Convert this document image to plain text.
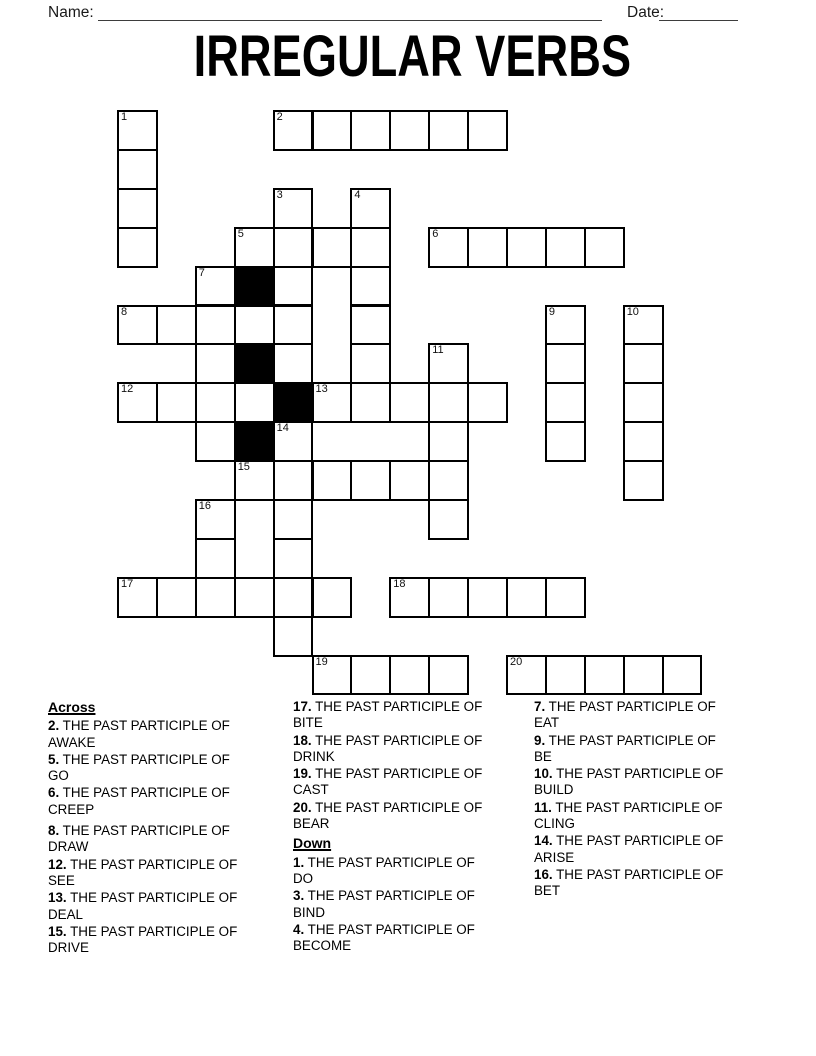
Name:	Date:
IRREGULAR VERBS
1	2
3	4
5	6
7
8	9	10
11
12	13
14
15
16
17	18
19	20
Across
2. THE PAST PARTICIPLE OF
AWAKE
5. THE PAST PARTICIPLE OF
GO
6. THE PAST PARTICIPLE OF
CREEP
8. THE PAST PARTICIPLE OF
DRAW
12. THE PAST PARTICIPLE OF
SEE
13. THE PAST PARTICIPLE OF
DEAL
15. THE PAST PARTICIPLE OF
DRIVE
17. THE PAST PARTICIPLE OF
BITE
18. THE PAST PARTICIPLE OF
DRINK
19. THE PAST PARTICIPLE OF
CAST
20. THE PAST PARTICIPLE OF
BEAR
Down
1. THE PAST PARTICIPLE OF
DO
3. THE PAST PARTICIPLE OF
BIND
4. THE PAST PARTICIPLE OF
BECOME
7. THE PAST PARTICIPLE OF
EAT
9. THE PAST PARTICIPLE OF
BE
10. THE PAST PARTICIPLE OF
BUILD
11. THE PAST PARTICIPLE OF
CLING
14. THE PAST PARTICIPLE OF
ARISE
16. THE PAST PARTICIPLE OF
BET
